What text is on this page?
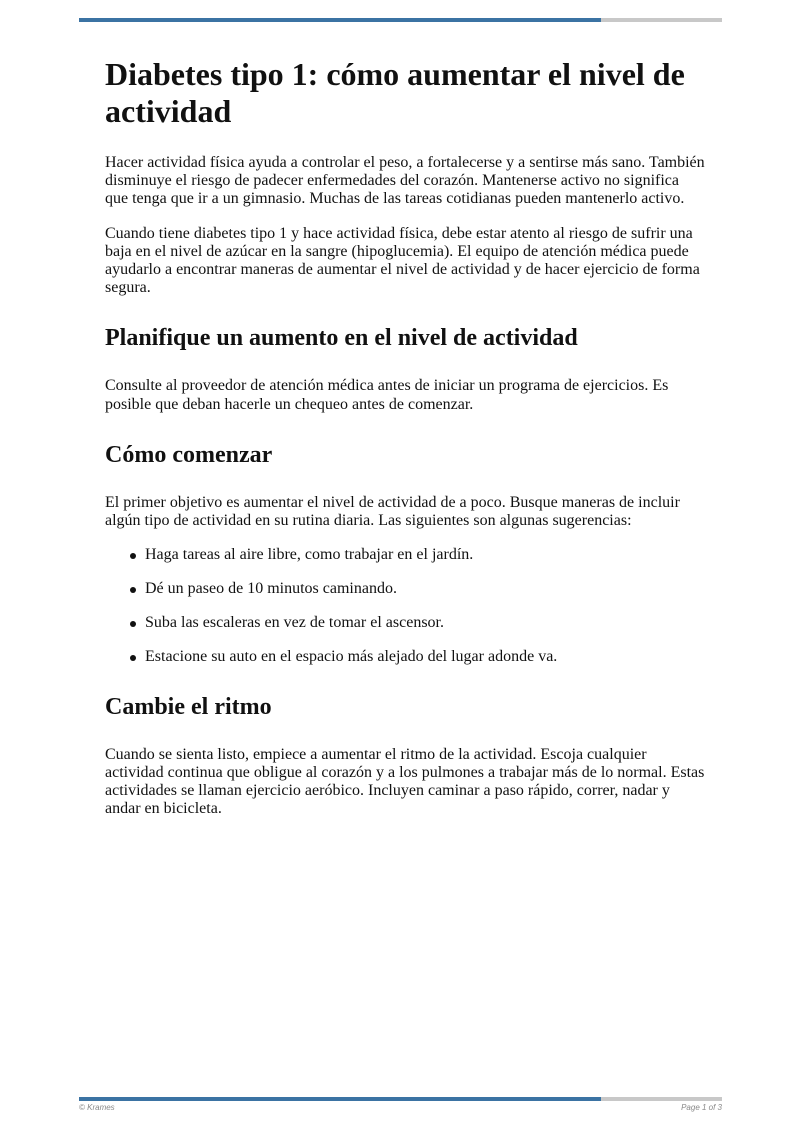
Diabetes tipo 1: cómo aumentar el nivel de actividad

Hacer actividad física ayuda a controlar el peso, a fortalecerse y a sentirse más sano. También disminuye el riesgo de padecer enfermedades del corazón. Mantenerse activo no significa que tenga que ir a un gimnasio. Muchas de las tareas cotidianas pueden mantenerlo activo.

Cuando tiene diabetes tipo 1 y hace actividad física, debe estar atento al riesgo de sufrir una baja en el nivel de azúcar en la sangre (hipoglucemia). El equipo de atención médica puede ayudarlo a encontrar maneras de aumentar el nivel de actividad y de hacer ejercicio de forma segura.

Planifique un aumento en el nivel de actividad

Consulte al proveedor de atención médica antes de iniciar un programa de ejercicios. Es posible que deban hacerle un chequeo antes de comenzar.

Cómo comenzar

El primer objetivo es aumentar el nivel de actividad de a poco. Busque maneras de incluir algún tipo de actividad en su rutina diaria. Las siguientes son algunas sugerencias:

Haga tareas al aire libre, como trabajar en el jardín.
Dé un paseo de 10 minutos caminando.
Suba las escaleras en vez de tomar el ascensor.
Estacione su auto en el espacio más alejado del lugar adonde va.
Cambie el ritmo

Cuando se sienta listo, empiece a aumentar el ritmo de la actividad. Escoja cualquier actividad continua que obligue al corazón y a los pulmones a trabajar más de lo normal. Estas actividades se llaman ejercicio aeróbico. Incluyen caminar a paso rápido, correr, nadar y andar en bicicleta.

© Krames	Page 1 of 3
